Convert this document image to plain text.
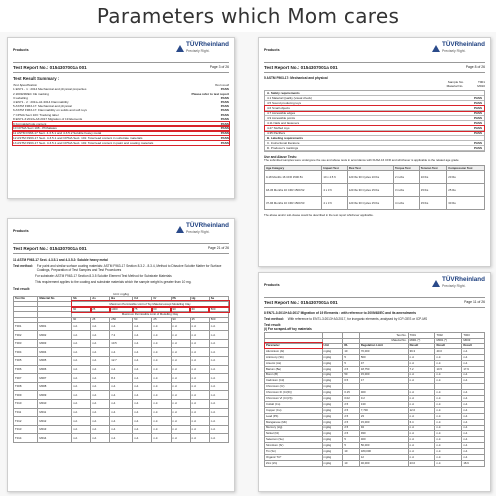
Parameters which Mom cares
Products
TÜVRheinland
Precisely Right.
Test Report No.: 0154307001a 001	Page 3 of 26
Test Result Summary :
Test Specification	Test result
1 EN71 - 1 : 2014 Mechanical and physical properties	PASS
2 2009/48/EC CE marking	Please refer to test report
3 Labelling	PASS
4 EN71 - 2 : 2011+A1:2014 Flammability	PASS
5 ASTM F963-17: Mechanical and physical	PASS
6 ASTM F963-17: Flammability on solids and soft toys	PASS
7 CPSIA Sect 103: Tracking label	PASS
8 EN71-3:2013+A3:2017 Migration of 19 Elements	PASS
9 Formaldehyde content	PASS
10 CPSIA Sect 108 - Phthalates	PASS
11 ASTM F963-17 Sect. 4.3.5.1 and 4.3.5.2 Soluble heavy metal	PASS
12 ASTM F963-17 Sect. 4.3.5.1 and CPSIA Sect. 101: Total lead content in substrate materials	PASS
13 ASTM F963-17 Sect. 4.3.5.1 and CPSIA Sect. 101: Total lead content in paint and coating materials	PASS
Products
TÜVRheinland
Precisely Right.
Test Report No.: 0154307001a 001	Page 8 of 26
5 ASTM F963-17: Mechanical and physical
Sample No.	T001
Material No.	M010
A. Safety requirements
4.1 Material Quality (visual check)	PASS
4.5 Sound producing toys	PASS
4.6 Small objects	PASS
4.7 Accessible edges	PASS
4.9 Accessible points	PASS
4.11 Nails and fasteners	PASS
4.27 Stuffed toys	PASS
4.35 Pacifiers	PASS
B. Labeling requirements
C. Instructional literature	PASS
D. Producer's markings	PASS
Use and Abuse Tests:
The submitted samples were undergone the use and abuse tests in accordance with FHSA 16 CFR and whichever is applicable to the related age grade
Age Category	Impact Test	Flex Test	Torque Test	Tension Test	Compression Test
0-18 Months 16 CFR 1500.51	10 x 4.5 ft	120 lbs 30 Cycles 10 lbs	2 in-lbs	10 lbs	20 lbs
18-36 Months 16 CFR 1500.52	4 x 3 ft	120 lbs 30 Cycles 15 lbs	3 in-lbs	15 lbs	25 lbs
37-96 Months 16 CFR 1500.53	4 x 3 ft	120 lbs 30 Cycles 15 lbs	4 in-lbs	15 lbs	30 lbs
The abuse and/or sub-clause would be described in the test report whichever applicable.
Products
TÜVRheinland
Precisely Right.
Test Report No.: 0154307001a 001	Page 21 of 26
11 ASTM F963-17 Sect. 4.3.5.1 and 4.3.5.2: Soluble heavy metal
Test method: For paint and similar surface coating materials: ASTM F963-17 Section 8.3.2 - 8.3.4, Method to Dissolve Soluble Matter for Surface Coatings, Preparation of Test Samples and Test Procedures
For substrate: ASTM F963-17 Section 8.3.5 Soluble Element Test Method for Substrate Materials
This requirement applies to the coating and substrate materials which the sample weight is greater than 10 mg.
Test result:
Unit: mg/kg
Test No	Material No	Sb	As	Ba	Cd	Cr	Pb	Hg	Se
		Maximum Permissible Limit of Toy Material except Modelling Clay							
		60	25	1000	75	60	90	60	500
		Maximum Permissible Limit of Modelling Clay							
		60	25	250	50	25	90	25	500
T001	M001	n.d.	n.d.	n.d.	n.d.	n.d.	n.d.	n.d.	n.d.
T002	M002	n.d.	n.d.	7.2	n.d.	n.d.	n.d.	n.d.	n.d.
T003	M003	n.d.	n.d.	10.5	n.d.	n.d.	n.d.	n.d.	n.d.
T004	M004	n.d.	n.d.	n.d.	n.d.	n.d.	n.d.	n.d.	n.d.
T005	M005	n.d.	n.d.	12.7	n.d.	n.d.	n.d.	n.d.	n.d.
T006	M006	n.d.	n.d.	n.d.	n.d.	n.d.	n.d.	n.d.	n.d.
T007	M007	n.d.	n.d.	8.4	n.d.	n.d.	n.d.	n.d.	n.d.
T008	M008	n.d.	n.d.	n.d.	n.d.	n.d.	n.d.	n.d.	n.d.
T009	M009	n.d.	n.d.	n.d.	n.d.	n.d.	n.d.	n.d.	n.d.
T010	M010	n.d.	n.d.	n.d.	n.d.	n.d.	n.d.	n.d.	n.d.
T011	M011	n.d.	n.d.	n.d.	n.d.	n.d.	n.d.	n.d.	n.d.
T012	M012	n.d.	n.d.	n.d.	n.d.	n.d.	n.d.	n.d.	n.d.
T013	M013	n.d.	n.d.	n.d.	n.d.	n.d.	n.d.	n.d.	n.d.
T014	M014	n.d.	n.d.	n.d.	n.d.	n.d.	n.d.	n.d.	n.d.
Products
TÜVRheinland
Precisely Right.
Test Report No.: 0154307001a 001	Page 11 of 26
8 EN71-3:2013+A3:2017 Migration of 19 Elements : with reference to 2009/48/EC and its amendments
Test method: With reference to EN71-3:2013+A3:2017, for inorganic elements, analysed by ICP-OES or ICP-MS
Test result:
(i) For scraped-off toy materials
			Test No.	T001	T002	T003
			Material No.	M001 (*)	M001 (*)	M003
Parameter	Unit	RL	Regulation Limit	Result	Result	Result
Aluminium (Al)	mg/kg	10	70,000	39.3	40.0	n.d.
Antimony (Sb)	mg/kg	5	560	n.d.	n.d.	n.d.
Arsenic (As)	mg/kg	5	47	n.d.	n.d.	n.d.
Barium (Ba)	mg/kg	2.5	18,750	7.2	10.5	17.9
Boron (B)	mg/kg	50	15,000	n.d.	n.d.	n.d.
Cadmium (Cd)	mg/kg	0.5	17	n.d.	n.d.	n.d.
Chromium (Cr)	mg/kg					
Chromium III (Cr(III))	mg/kg	0.15	460	n.d.	n.d.	n.d.
Chromium VI (Cr(VI))	mg/kg	0.02	0.2	n.d.	n.d.	n.d.
Cobalt (Co)	mg/kg	2.5	130	n.d.	n.d.	n.d.
Copper (Cu)	mg/kg	2.5	7,700	12.0	n.d.	n.d.
Lead (Pb)	mg/kg	2.5	23	n.d.	n.d.	n.d.
Manganese (Mn)	mg/kg	2.5	15,000	6.4	n.d.	n.d.
Mercury (Hg)	mg/kg	2.5	94	n.d.	n.d.	n.d.
Nickel (Ni)	mg/kg	2.5	930	n.d.	n.d.	n.d.
Selenium (Se)	mg/kg	5	460	n.d.	n.d.	n.d.
Strontium (Sr)	mg/kg	5	56,000	n.d.	n.d.	n.d.
Tin (Sn)	mg/kg	10	180,000	n.d.	n.d.	n.d.
Organic Tin*	mg/kg		12	n.d.	n.d.	n.d.
Zinc (Zn)	mg/kg	10	46,000	23.0	n.d.	18.6
